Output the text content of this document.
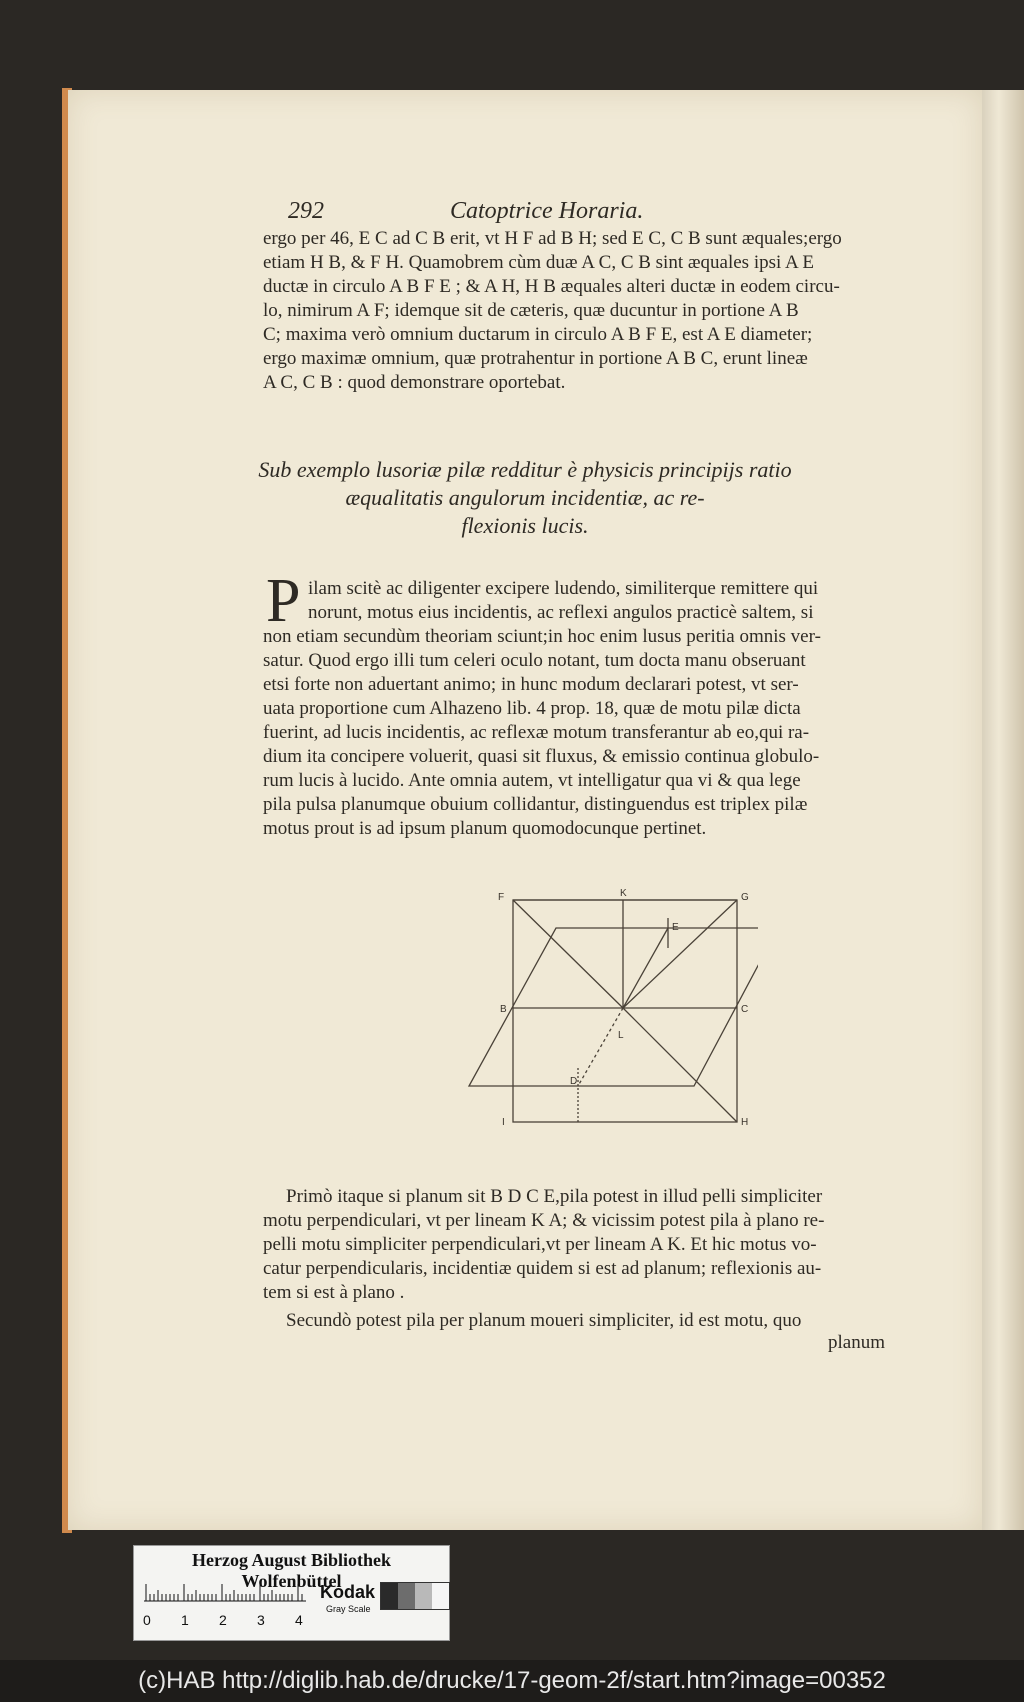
292	Catoptrice Horaria.
ergo per 46, E C ad C B erit, vt H F ad B H; sed E C, C B sunt æquales;ergo
etiam H B, & F H. Quamobrem cùm duæ A C, C B sint æquales ipsi A E
ductæ in circulo A B F E ; & A H, H B æquales alteri ductæ in eodem circu-
lo, nimirum A F; idemque sit de cæteris, quæ ducuntur in portione A B
C; maxima verò omnium ductarum in circulo A B F E, est A E diameter;
ergo maximæ omnium, quæ protrahentur in portione A B C, erunt lineæ
A C, C B : quod demonstrare oportebat.
Sub exemplo lusoriæ pilæ redditur è physicis principijs ratio
æqualitatis angulorum incidentiæ, ac re-
flexionis lucis.
P ilam scitè ac diligenter excipere ludendo, similiterque remittere qui
norunt, motus eius incidentis, ac reflexi angulos practicè saltem, si
non etiam secundùm theoriam sciunt;in hoc enim lusus peritia omnis ver-
satur. Quod ergo illi tum celeri oculo notant, tum docta manu obseruant
etsi forte non aduertant animo; in hunc modum declarari potest, vt ser-
uata proportione cum Alhazeno lib. 4 prop. 18, quæ de motu pilæ dicta
fuerint, ad lucis incidentis, ac reflexæ motum transferantur ab eo,qui ra-
dium ita concipere voluerit, quasi sit fluxus, & emissio continua globulo-
rum lucis à lucido. Ante omnia autem, vt intelligatur qua vi & qua lege
pila pulsa planumque obuium collidantur, distinguendus est triplex pilæ
motus prout is ad ipsum planum quomodocunque pertinet.
F	K	G
E
B	C
L
D
I	H
Primò itaque si planum sit B D C E,pila potest in illud pelli simpliciter
motu perpendiculari, vt per lineam K A; & vicissim potest pila à plano re-
pelli motu simpliciter perpendiculari,vt per lineam A K. Et hic motus vo-
catur perpendicularis, incidentiæ quidem si est ad planum; reflexionis au-
tem si est à plano .
Secundò potest pila per planum moueri simpliciter, id est motu, quo
planum
Herzog August Bibliothek Wolfenbüttel
0 1 2 3 4
Kodak
Gray Scale
(c)HAB http://diglib.hab.de/drucke/17-geom-2f/start.htm?image=00352
